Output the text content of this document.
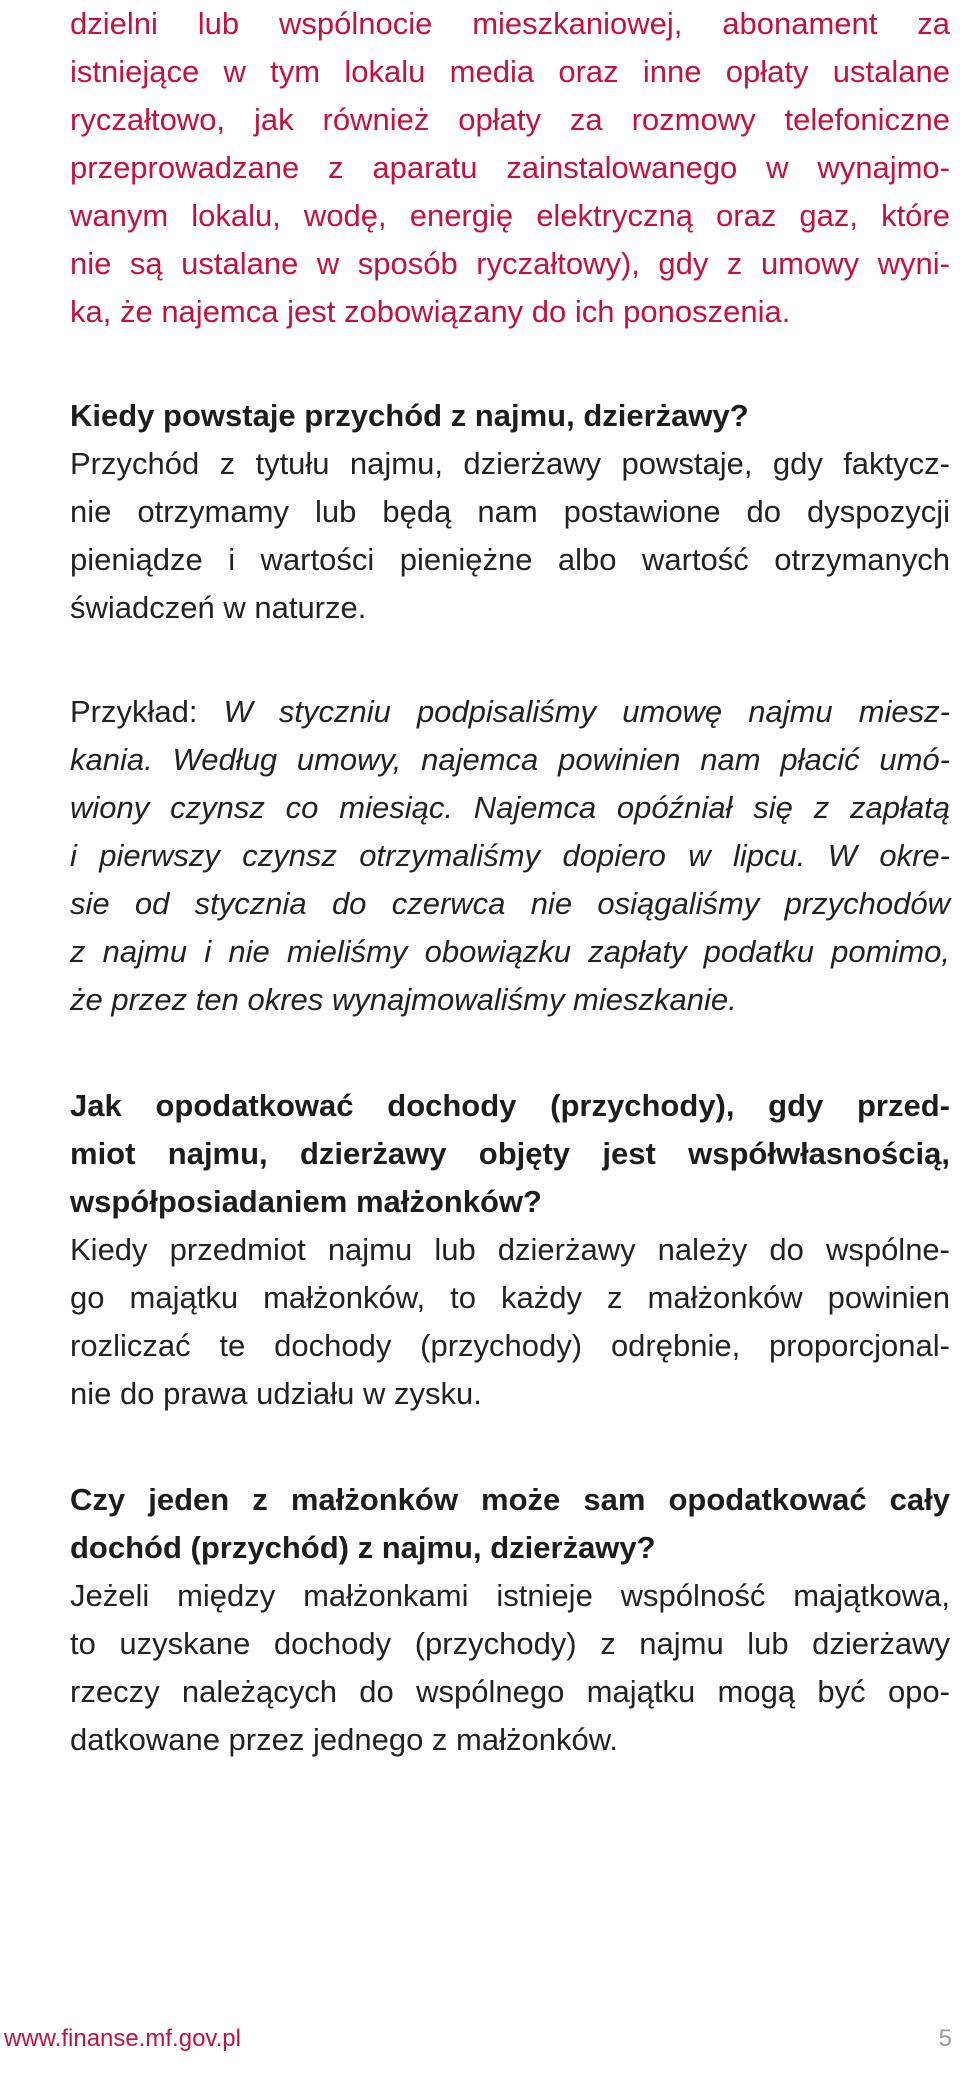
dzielni lub wspólnocie mieszkaniowej, abonament za
istniejące w tym lokalu media oraz inne opłaty ustalane
ryczałtowo, jak również opłaty za rozmowy telefoniczne
przeprowadzane z aparatu zainstalowanego w wynajmo-
wanym lokalu, wodę, energię elektryczną oraz gaz, które
nie są ustalane w sposób ryczałtowy), gdy z umowy wyni-
ka, że najemca jest zobowiązany do ich ponoszenia.
Kiedy powstaje przychód z najmu, dzierżawy?
Przychód z tytułu najmu, dzierżawy powstaje, gdy faktycz-
nie otrzymamy lub będą nam postawione do dyspozycji
pieniądze i wartości pieniężne albo wartość otrzymanych
świadczeń w naturze.
Przykład: W styczniu podpisaliśmy umowę najmu miesz-
kania. Według umowy, najemca powinien nam płacić umó-
wiony czynsz co miesiąc. Najemca opóźniał się z zapłatą
i pierwszy czynsz otrzymaliśmy dopiero w lipcu. W okre-
sie od stycznia do czerwca nie osiągaliśmy przychodów
z najmu i nie mieliśmy obowiązku zapłaty podatku pomimo,
że przez ten okres wynajmowaliśmy mieszkanie.
Jak opodatkować dochody (przychody), gdy przed-
miot najmu, dzierżawy objęty jest współwłasnością,
współposiadaniem małżonków?
Kiedy przedmiot najmu lub dzierżawy należy do wspólne-
go majątku małżonków, to każdy z małżonków powinien
rozliczać te dochody (przychody) odrębnie, proporcjonal-
nie do prawa udziału w zysku.
Czy jeden z małżonków może sam opodatkować cały
dochód (przychód) z najmu, dzierżawy?
Jeżeli między małżonkami istnieje wspólność majątkowa,
to uzyskane dochody (przychody) z najmu lub dzierżawy
rzeczy należących do wspólnego majątku mogą być opo-
datkowane przez jednego z małżonków.
www.finanse.mf.gov.pl	5
